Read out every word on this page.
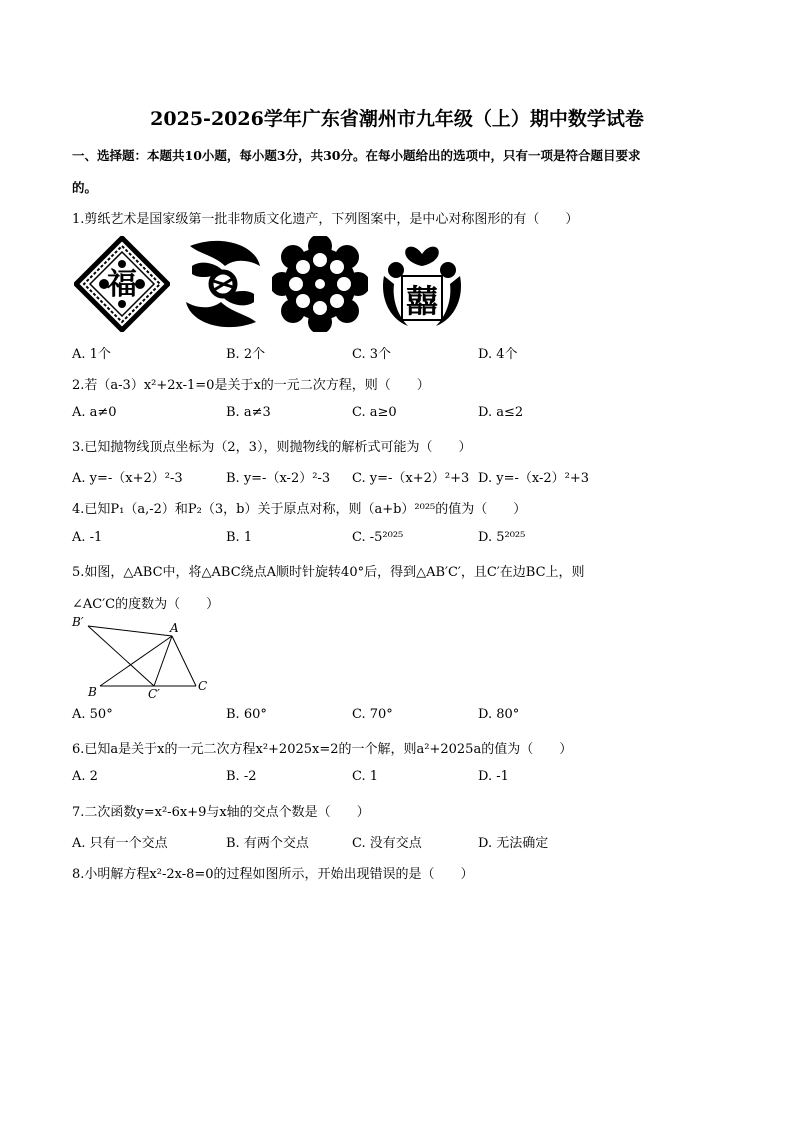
2025-2026学年广东省潮州市九年级（上）期中数学试卷
一、选择题：本题共10小题，每小题3分，共30分。在每小题给出的选项中，只有一项是符合题目要求
的。
1.剪纸艺术是国家级第一批非物质文化遗产，下列图案中，是中心对称图形的有（　　）
福	囍
A. 1个	B. 2个	C. 3个	D. 4个
2.若（a-3）x²+2x-1=0是关于x的一元二次方程，则（　　）
A. a≠0	B. a≠3	C. a≥0	D. a≤2
3.已知抛物线顶点坐标为（2，3），则抛物线的解析式可能为（　　）
A. y=-（x+2）²-3	B. y=-（x-2）²-3 C. y=-（x+2）²+3 D. y=-（x-2）²+3
4.已知P₁（a,-2）和P₂（3，b）关于原点对称，则（a+b）²⁰²⁵的值为（　　）
A. -1	B. 1	C. -5²⁰²⁵	D. 5²⁰²⁵
5.如图，△ABC中，将△ABC绕点A顺时针旋转40°后，得到△AB′C′，且C′在边BC上，则
∠AC′C的度数为（　　）
B′	A
B	C′
C
A. 50°	B. 60°	C. 70°	D. 80°
6.已知a是关于x的一元二次方程x²+2025x=2的一个解，则a²+2025a的值为（　　）
A. 2	B. -2	C. 1	D. -1
7.二次函数y=x²-6x+9与x轴的交点个数是（　　）
A. 只有一个交点	B. 有两个交点	C. 没有交点	D. 无法确定
8.小明解方程x²-2x-8=0的过程如图所示，开始出现错误的是（　　）
